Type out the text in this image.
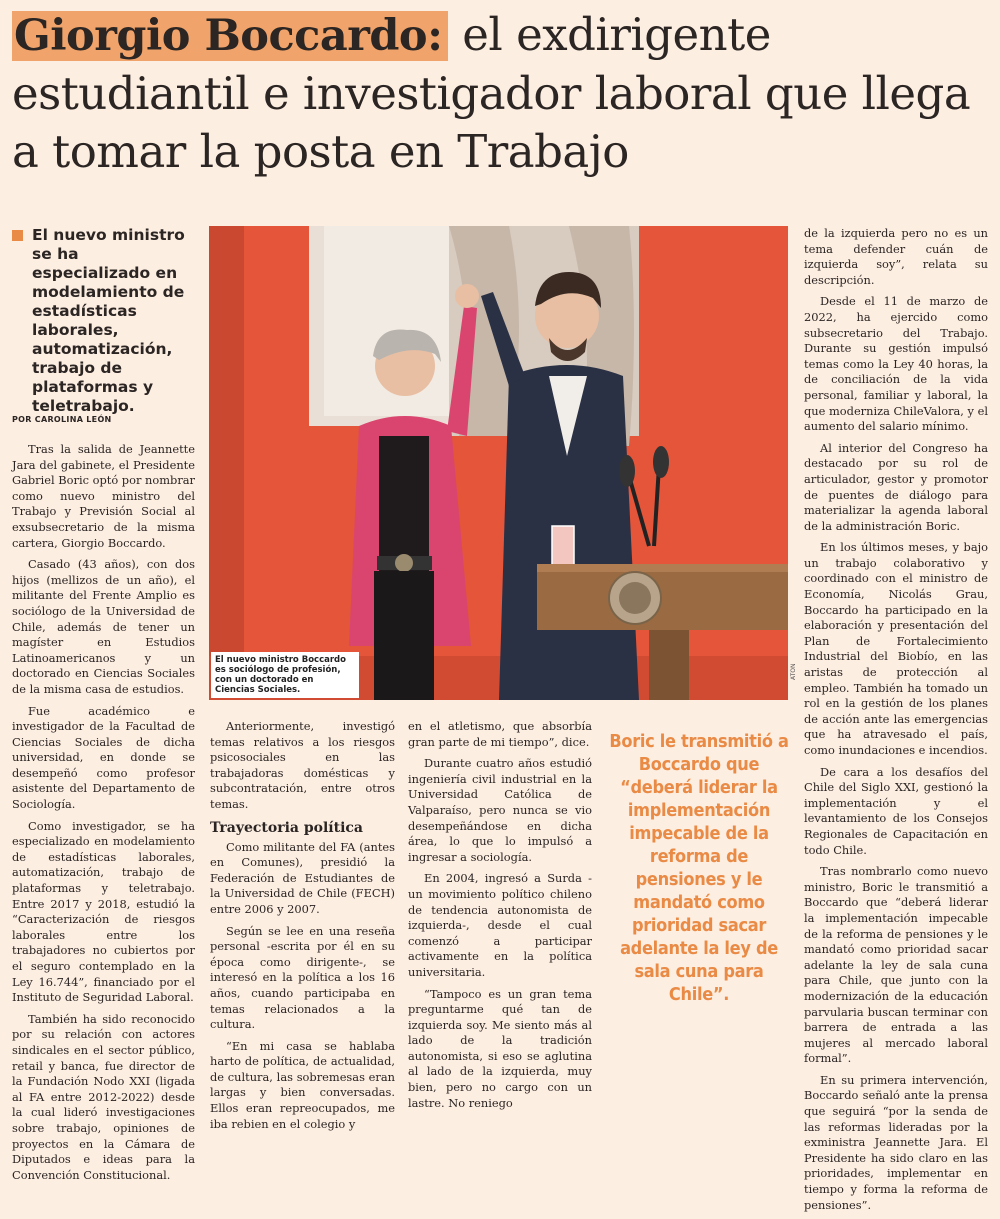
Giorgio Boccardo: el exdirigente estudiantil e investigador laboral que llega a tomar la posta en Trabajo
El nuevo ministro se ha especializado en modelamiento de estadísticas laborales, automatización, trabajo de plataformas y teletrabajo.
POR CAROLINA LEÓN

Tras la salida de Jeannette Jara del gabinete, el Presidente Gabriel Boric optó por nombrar como nuevo ministro del Trabajo y Previsión Social al exsubsecretario de la misma cartera, Giorgio Boccardo.

Casado (43 años), con dos hijos (mellizos de un año), el militante del Frente Amplio es sociólogo de la Universidad de Chile, además de tener un magíster en Estudios Latinoamericanos y un doctorado en Ciencias Sociales de la misma casa de estudios.

Fue académico e investigador de la Facultad de Ciencias Sociales de dicha universidad, en donde se desempeñó como profesor asistente del Departamento de Sociología.

Como investigador, se ha especializado en modelamiento de estadísticas laborales, automatización, trabajo de plataformas y teletrabajo. Entre 2017 y 2018, estudió la “Caracterización de riesgos laborales entre los trabajadores no cubiertos por el seguro contemplado en la Ley 16.744”, financiado por el Instituto de Seguridad Laboral.

También ha sido reconocido por su relación con actores sindicales en el sector público, retail y banca, fue director de la Fundación Nodo XXI (ligada al FA entre 2012-2022) desde la cual lideró investigaciones sobre trabajo, opiniones de proyectos en la Cámara de Diputados e ideas para la Convención Constitucional.

El nuevo ministro Boccardo es sociólogo de profesión, con un doctorado en Ciencias Sociales.
ATON

Anteriormente, investigó temas relativos a los riesgos psicosociales en las trabajadoras domésticas y subcontratación, entre otros temas.

Trayectoria política

Como militante del FA (antes en Comunes), presidió la Federación de Estudiantes de la Universidad de Chile (FECH) entre 2006 y 2007.

Según se lee en una reseña personal -escrita por él en su época como dirigente-, se interesó en la política a los 16 años, cuando participaba en temas relacionados a la cultura.

“En mi casa se hablaba harto de política, de actualidad, de cultura, las sobremesas eran largas y bien conversadas. Ellos eran repreocupados, me iba rebien en el colegio y

en el atletismo, que absorbía gran parte de mi tiempo”, dice.

Durante cuatro años estudió ingeniería civil industrial en la Universidad Católica de Valparaíso, pero nunca se vio desempeñándose en dicha área, lo que lo impulsó a ingresar a sociología.

En 2004, ingresó a Surda -un movimiento político chileno de tendencia autonomista de izquierda-, desde el cual comenzó a participar activamente en la política universitaria.

“Tampoco es un gran tema preguntarme qué tan de izquierda soy. Me siento más al lado de la tradición autonomista, si eso se aglutina al lado de la izquierda, muy bien, pero no cargo con un lastre. No reniego

Boric le transmitió a Boccardo que “deberá liderar la implementación impecable de la reforma de pensiones y le mandató como prioridad sacar adelante la ley de sala cuna para Chile”.

de la izquierda pero no es un tema defender cuán de izquierda soy”, relata su descripción.

Desde el 11 de marzo de 2022, ha ejercido como subsecretario del Trabajo. Durante su gestión impulsó temas como la Ley 40 horas, la de conciliación de la vida personal, familiar y laboral, la que moderniza ChileValora, y el aumento del salario mínimo.

Al interior del Congreso ha destacado por su rol de articulador, gestor y promotor de puentes de diálogo para materializar la agenda laboral de la administración Boric.

En los últimos meses, y bajo un trabajo colaborativo y coordinado con el ministro de Economía, Nicolás Grau, Boccardo ha participado en la elaboración y presentación del Plan de Fortalecimiento Industrial del Biobío, en las aristas de protección al empleo. También ha tomado un rol en la gestión de los planes de acción ante las emergencias que ha atravesado el país, como inundaciones e incendios.

De cara a los desafíos del Chile del Siglo XXI, gestionó la implementación y el levantamiento de los Consejos Regionales de Capacitación en todo Chile.

Tras nombrarlo como nuevo ministro, Boric le transmitió a Boccardo que “deberá liderar la implementación impecable de la reforma de pensiones y le mandató como prioridad sacar adelante la ley de sala cuna para Chile, que junto con la modernización de la educación parvularia buscan terminar con barrera de entrada a las mujeres al mercado laboral formal”.

En su primera intervención, Boccardo señaló ante la prensa que seguirá “por la senda de las reformas lideradas por la exministra Jeannette Jara. El Presidente ha sido claro en las prioridades, implementar en tiempo y forma la reforma de pensiones”.
